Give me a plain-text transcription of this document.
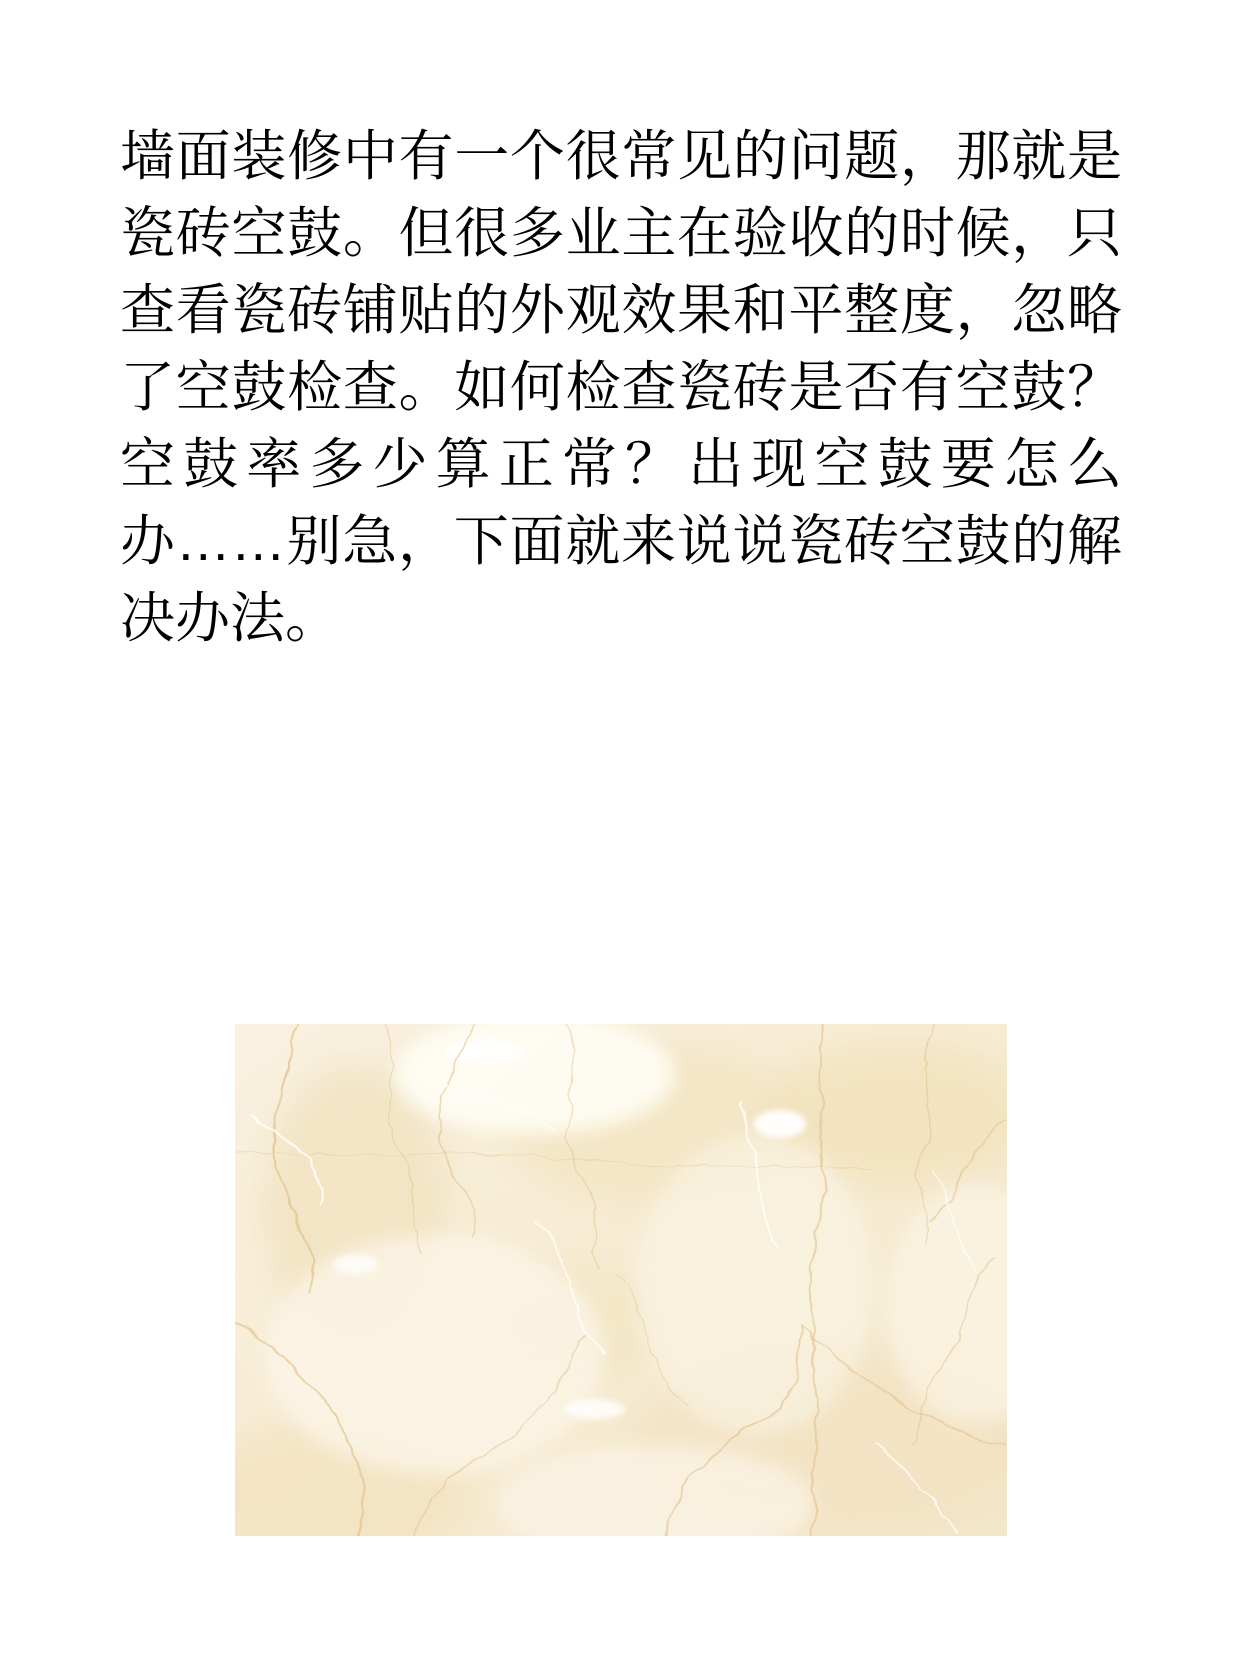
墙面装修中有一个很常见的问题，那就是
瓷砖空鼓。但很多业主在验收的时候，只
查看瓷砖铺贴的外观效果和平整度，忽略
了空鼓检查。如何检查瓷砖是否有空鼓？
空鼓率多少算正常？出现空鼓要怎么
办……别急，下面就来说说瓷砖空鼓的解
决办法。
